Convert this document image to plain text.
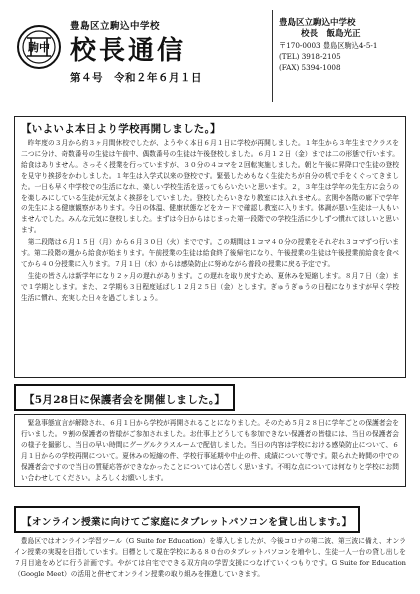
駒中
豊島区立駒込中学校
校長通信
第４号　令和２年６月１日
豊島区立駒込中学校
校長　飯島光正
〒170-0003 豊島区駒込4-5-1
(TEL) 3918-2105
(FAX) 5394-1008
【いよいよ本日より学校再開しました。】

　昨年度の３月から約３ヶ月間休校でしたが、ようやく本日６月１日に学校が再開しました。１年生から３年生までクラスを二つに分け、奇数番号の生徒は午前中、偶数番号の生徒は午後登校しました。６月１２日（金）までは二の形態で行います。給食はありません。さっそく授業を行っていますが、３０分の４コマを２回転実施しました。朝と午後に昇降口で生徒の登校を見守り挨拶をかわしました。１年生は入学式以来の登校です。緊張しためもなく生徒たちが自分の机で手をくぐってきました。一日も早く中学校での生活になれ、楽しい学校生活を送ってもらいたいと思います。２，３年生は学年の先生方に会うのを楽しみにしている生徒が元気よく挨拶をしていました。登校したらいきなり教室には入れません。玄関や各階の廊下で学年の先生による健康観察があります。今日の体温、健康状態などをカードで確認し教室に入ります。体調が悪い生徒は一人もいませんでした。みんな元気に登校しました。まずは今日からはじまった第一段階での学校生活に少しずつ慣れてほしいと思います。

　第二段階は６月１５日（月）から６月３０日（火）までです。この期間は１コマ４０分の授業をそれぞれ３コマずつ行います。第二段階の週から給食が始まります。午前授業の生徒は給食終了後帰宅になり、午後授業の生徒は午後授業前給食を食べてから４０分授業に入ります。７月１日（水）からは感染防止に努めながら普段の授業に戻る予定です。

　生徒の皆さんは新学年になり２ヶ月の遅れがあります。この遅れを取り戻すため、夏休みを短縮します。８月７日（金）まで１学期とします。また、２学期も３日程度延ばし１２月２５日（金）とします。ぎゅうぎゅうの日程になりますが早く学校生活に慣れ、充実した日々を過ごしましょう。

【5月28日に保護者会を開催しました。】

　緊急事態宣言が解除され、６月１日から学校が再開されることになりました。そのため５月２８日に学年ごとの保護者会を行いました。９割の保護者の皆様がご参加されました。お仕事上どうしても参加できない保護者の皆様には、当日の保護者会の様子を撮影し、当日の早い時間にグーグルクラスルームで配信しました。当日の内容は学校における感染防止について、６月１日からの学校再開について。夏休みの短縮の件、学校行事延期や中止の件、成績について等です。限られた時間の中での保護者会ですので当日の質疑応答ができなかったことについては心苦しく思います。不明な点については何なりと学校にお問い合わせしてください。よろしくお願いします。

【オンライン授業に向けてご家庭にタブレットパソコンを貸し出します。】

　豊島区ではオンライン学習ツール（G Suite for Education）を導入しましたが、今後コロナの第二波、第三波に備え、オンライン授業の実現を目指しています。目標として現在学校にある８０台のタブレットパソコンを増やし、生徒一人一台の貸し出しを７月目途をめどに行う計画です。やがては自宅でできる双方向の学習支援につなげていくつもりです。G Suite for Education（Google Meet）の活用と併せてオンライン授業の取り組みを推進していきます。
